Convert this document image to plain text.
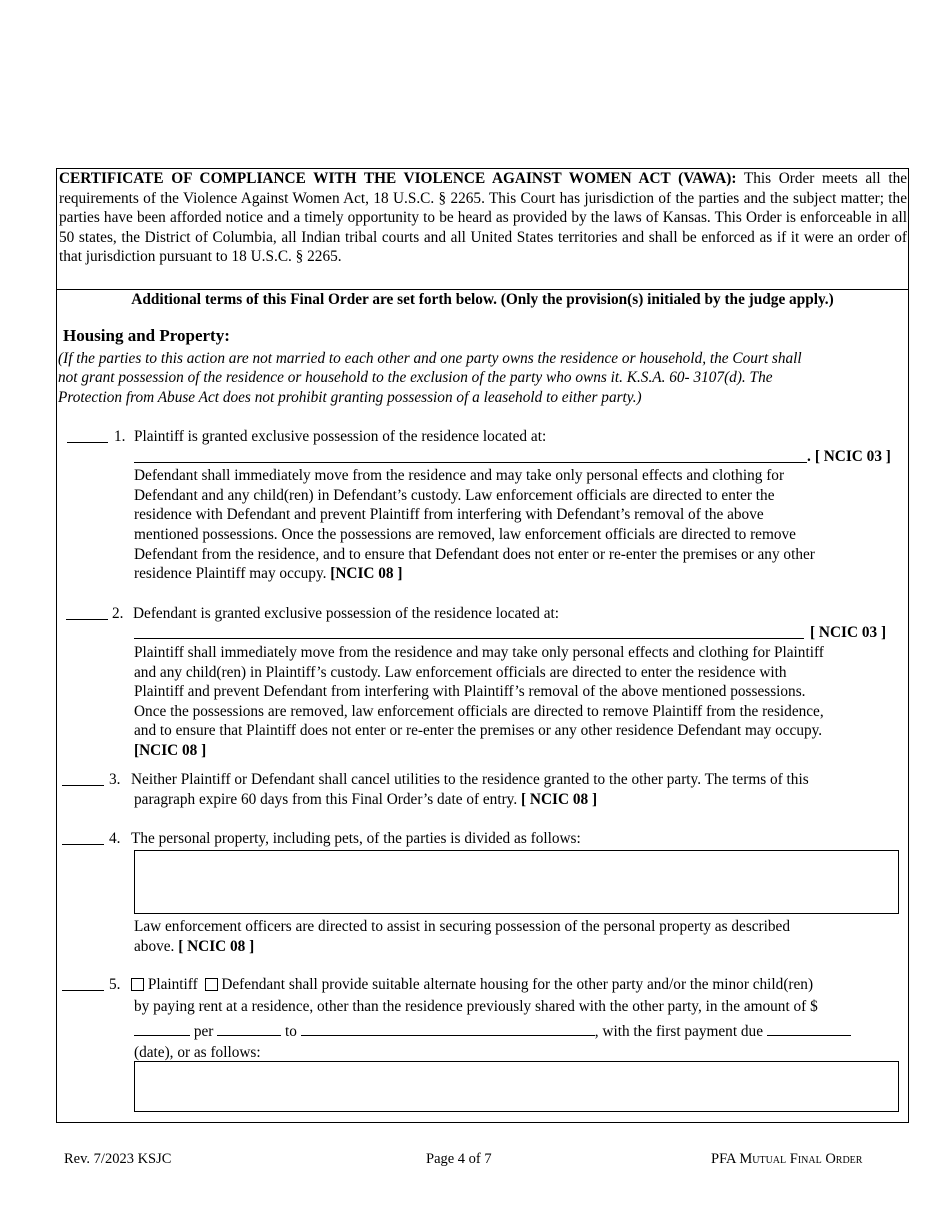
CERTIFICATE OF COMPLIANCE WITH THE VIOLENCE AGAINST WOMEN ACT (VAWA): This Order meets all the requirements of the Violence Against Women Act, 18 U.S.C. § 2265. This Court has jurisdiction of the parties and the subject matter; the parties have been afforded notice and a timely opportunity to be heard as provided by the laws of Kansas. This Order is enforceable in all 50 states, the District of Columbia, all Indian tribal courts and all United States territories and shall be enforced as if it were an order of that jurisdiction pursuant to 18 U.S.C. § 2265.

Additional terms of this Final Order are set forth below. (Only the provision(s) initialed by the judge apply.)
Housing and Property:
(If the parties to this action are not married to each other and one party owns the residence or household, the Court shall
not grant possession of the residence or household to the exclusion of the party who owns it. K.S.A. 60- 3107(d). The
Protection from Abuse Act does not prohibit granting possession of a leasehold to either party.)
1. Plaintiff is granted exclusive possession of the residence located at:
. [ NCIC 03 ]
Defendant shall immediately move from the residence and may take only personal effects and clothing for
Defendant and any child(ren) in Defendant’s custody. Law enforcement officials are directed to enter the
residence with Defendant and prevent Plaintiff from interfering with Defendant’s removal of the above
mentioned possessions. Once the possessions are removed, law enforcement officials are directed to remove
Defendant from the residence, and to ensure that Defendant does not enter or re-enter the premises or any other
residence Plaintiff may occupy. [NCIC 08 ]
2. Defendant is granted exclusive possession of the residence located at:
[ NCIC 03 ]
Plaintiff shall immediately move from the residence and may take only personal effects and clothing for Plaintiff
and any child(ren) in Plaintiff’s custody. Law enforcement officials are directed to enter the residence with
Plaintiff and prevent Defendant from interfering with Plaintiff’s removal of the above mentioned possessions.
Once the possessions are removed, law enforcement officials are directed to remove Plaintiff from the residence,
and to ensure that Plaintiff does not enter or re-enter the premises or any other residence Defendant may occupy.
[NCIC 08 ]
3. Neither Plaintiff or Defendant shall cancel utilities to the residence granted to the other party. The terms of this
paragraph expire 60 days from this Final Order’s date of entry. [ NCIC 08 ]
4. The personal property, including pets, of the parties is divided as follows:
Law enforcement officers are directed to assist in securing possession of the personal property as described
above. [ NCIC 08 ]
5.	Plaintiff Defendant shall provide suitable alternate housing for the other party and/or the minor child(ren)
by paying rent at a residence, other than the residence previously shared with the other party, in the amount of $
per	to	, with the first payment due
(date), or as follows:
Rev. 7/2023 KSJC	Page 4 of 7	PFA Mutual Final Order
